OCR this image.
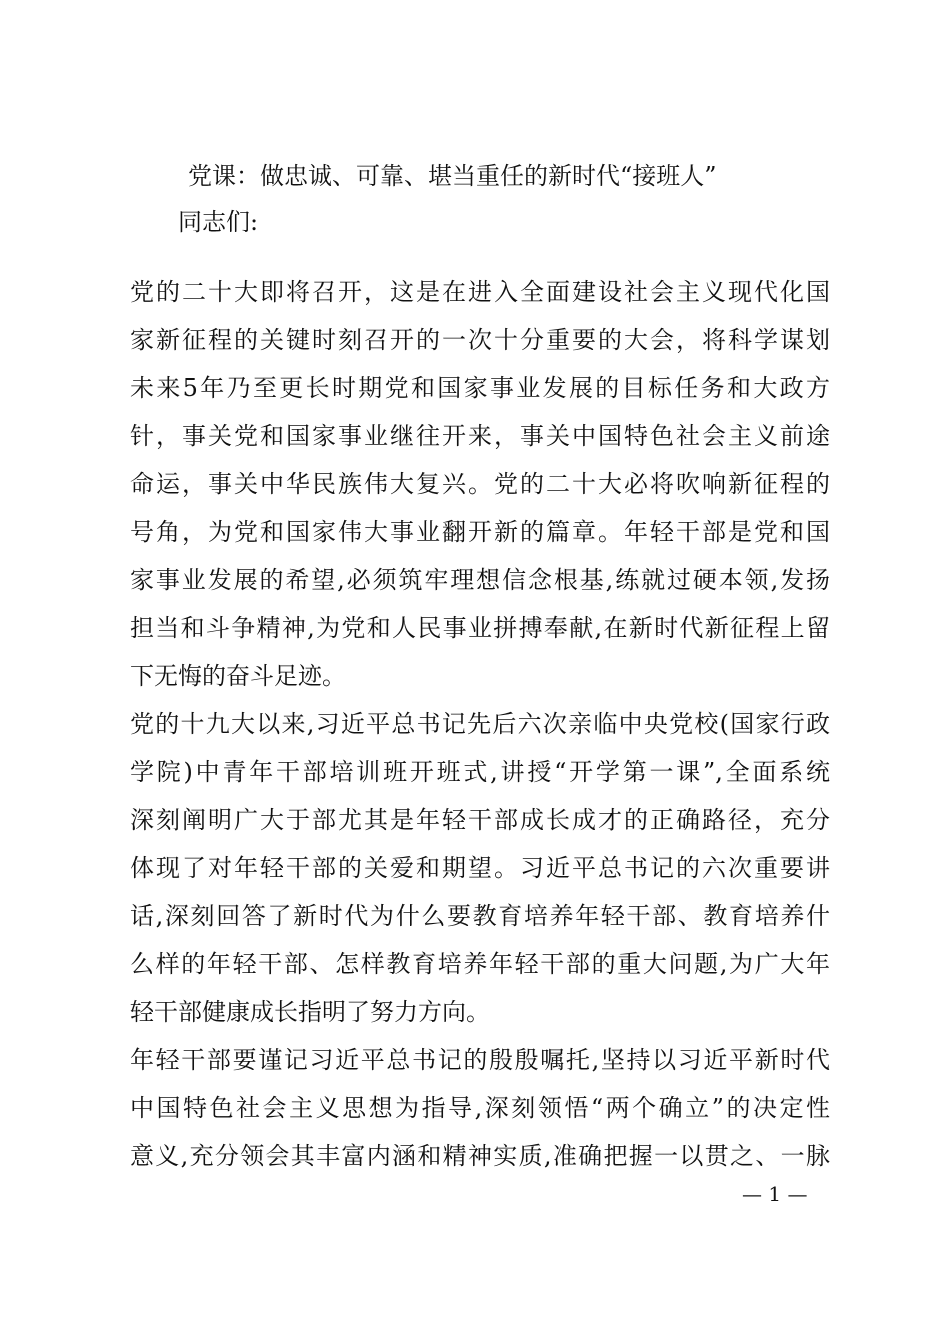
党课：做忠诚、可靠、堪当重任的新时代“接班人”
同志们:
党的二十大即将召开，这是在进入全面建设社会主义现代化国
家新征程的关键时刻召开的一次十分重要的大会，将科学谋划
未来5年乃至更长时期党和国家事业发展的目标任务和大政方
针，事关党和国家事业继往开来，事关中国特色社会主义前途
命运，事关中华民族伟大复兴。党的二十大必将吹响新征程的
号角，为党和国家伟大事业翻开新的篇章。年轻干部是党和国
家事业发展的希望,必须筑牢理想信念根基,练就过硬本领,发扬
担当和斗争精神,为党和人民事业拼搏奉献,在新时代新征程上留
下无悔的奋斗足迹。
党的十九大以来,习近平总书记先后六次亲临中央党校(国家行政
学院)中青年干部培训班开班式,讲授“开学第一课”,全面系统
深刻阐明广大于部尤其是年轻干部成长成才的正确路径，充分
体现了对年轻干部的关爱和期望。习近平总书记的六次重要讲
话,深刻回答了新时代为什么要教育培养年轻干部、教育培养什
么样的年轻干部、怎样教育培养年轻干部的重大问题,为广大年
轻干部健康成长指明了努力方向。
年轻干部要谨记习近平总书记的殷殷嘱托,坚持以习近平新时代
中国特色社会主义思想为指导,深刻领悟“两个确立”的决定性
意义,充分领会其丰富内涵和精神实质,准确把握一以贯之、一脉
— 1 —
